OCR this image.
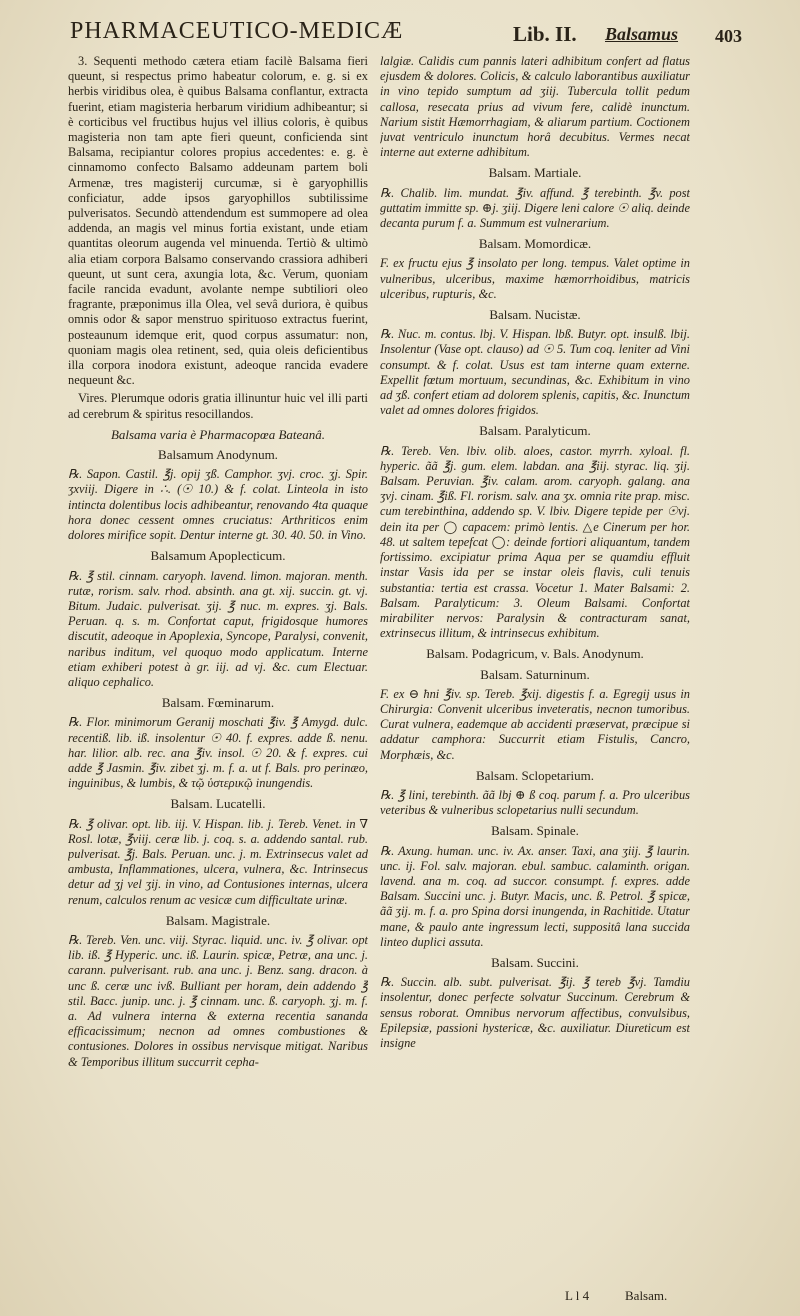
PHARMACEUTICO-MEDICÆ	Lib. II. Balsamus 403

3. Sequenti methodo cætera etiam facilè Balsama fieri queunt, si respectus primo habeatur colorum, e. g. si ex herbis viridibus olea, è quibus Balsama conflantur, extracta fuerint, etiam magisteria herbarum viridium adhibeantur; si è corticibus vel fructibus hujus vel illius coloris, è quibus magisteria non tam apte fieri queunt, conficienda sint Balsama, recipiantur colores propius accedentes: e. g. è cinnamomo confecto Balsamo addeunam partem boli Armenæ, tres magisterij curcumæ, si è garyophillis conficiatur, adde ipsos garyophillos subtilissime pulverisatos. Secundò attendendum est summopere ad olea addenda, an magis vel minus fortia existant, unde etiam quantitas oleorum augenda vel minuenda. Tertiò & ultimò alia etiam corpora Balsamo conservando crassiora adhiberi queunt, ut sunt cera, axungia lota, &c. Verum, quoniam facile rancida evadunt, avolante nempe subtiliori oleo fragrante, præponimus illa Olea, vel sevâ duriora, è quibus omnis odor & sapor menstruo spirituoso extractus fuerint, posteaunum idemque erit, quod corpus assumatur: non, quoniam magis olea retinent, sed, quia oleis deficientibus illa corpora inodora existunt, adeoque rancida evadere nequeunt &c.

Vires. Plerumque odoris gratia illinuntur huic vel illi parti ad cerebrum & spiritus resocillandos.

Balsama varia è Pharmacopœa Bateanâ.
Balsamum Anodynum.

℞. Sapon. Castil. ℥j. opij ʒß. Camphor. ʒvj. croc. ʒj. Spir. ʒxviij. Digere in ∴. (☉ 10.) & f. colat. Linteola in isto intincta dolentibus locis adhibeantur, renovando 4ta quaque hora donec cessent omnes cruciatus: Arthriticos enim dolores mirifice sopit. Dentur interne gt. 30. 40. 50. in Vino.

Balsamum Apoplecticum.

℞. ℥ stil. cinnam. caryoph. lavend. limon. majoran. menth. rutæ, rorism. salv. rhod. absinth. ana gt. xij. succin. gt. vj. Bitum. Judaic. pulverisat. ʒij. ℥ nuc. m. expres. ʒj. Bals. Peruan. q. s. m. Confortat caput, frigidosque humores discutit, adeoque in Apoplexia, Syncope, Paralysi, convenit, naribus inditum, vel quoquo modo applicatum. Interne etiam exhiberi potest à gr. iij. ad vj. &c. cum Electuar. aliquo cephalico.

Balsam. Fœminarum.

℞. Flor. minimorum Geranij moschati ℥iv. ℥ Amygd. dulc. recentiß. lib. iß. insolentur ☉ 40. f. expres. adde ß. nenu. har. lilior. alb. rec. ana ℥iv. insol. ☉ 20. & f. expres. cui adde ℥ Jasmin. ℥iv. zibet ʒj. m. f. a. ut f. Bals. pro perinæo, inguinibus, & lumbis, & τῷ ὑστερικῷ inungendis.

Balsam. Lucatelli.

℞. ℥ olivar. opt. lib. iij. V. Hispan. lib. j. Tereb. Venet. in ∇ Rosl. lotæ, ℥viij. ceræ lib. j. coq. s. a. addendo santal. rub. pulverisat. ℥j. Bals. Peruan. unc. j. m. Extrinsecus valet ad ambusta, Inflammationes, ulcera, vulnera, &c. Intrinsecus detur ad ʒj vel ʒij. in vino, ad Contusiones internas, ulcera renum, calculos renum ac vesicæ cum difficultate urinæ.

Balsam. Magistrale.

℞. Tereb. Ven. unc. viij. Styrac. liquid. unc. iv. ℥ olivar. opt lib. iß. ℥ Hyperic. unc. iß. Laurin. spicæ, Petræ, ana unc. j. carann. pulverisant. rub. ana unc. j. Benz. sang. dracon. à unc ß. ceræ unc ivß. Bulliant per horam, dein addendo ℥ stil. Bacc. junip. unc. j. ℥ cinnam. unc. ß. caryoph. ʒj. m. f. a. Ad vulnera interna & externa recentia sananda efficacissimum; necnon ad omnes combustiones & contusiones. Dolores in ossibus nervisque mitigat. Naribus & Temporibus illitum succurrit cepha-

lalgiæ. Calidis cum pannis lateri adhibitum confert ad flatus ejusdem & dolores. Colicis, & calculo laborantibus auxiliatur in vino tepido sumptum ad ʒiij. Tubercula tollit pedum callosa, resecata prius ad vivum fere, calidè inunctum. Narium sistit Hæmorrhagiam, & aliarum partium. Coctionem juvat ventriculo inunctum horâ decubitus. Vermes necat interne aut externe adhibitum.

Balsam. Martiale.

℞. Chalib. lim. mundat. ℥iv. affund. ℥ terebinth. ℥v. post guttatim immitte sp. ⊕j. ʒiij. Digere leni calore ☉ aliq. deinde decanta purum f. a. Summum est vulnerarium.

Balsam. Momordicæ.

F. ex fructu ejus ℥ insolato per long. tempus. Valet optime in vulneribus, ulceribus, maxime hæmorrhoidibus, matricis ulceribus, rupturis, &c.

Balsam. Nucistæ.

℞. Nuc. m. contus. lbj. V. Hispan. lbß. Butyr. opt. insulß. lbij. Insolentur (Vase opt. clauso) ad ☉ 5. Tum coq. leniter ad Vini consumpt. & f. colat. Usus est tam interne quam externe. Expellit fœtum mortuum, secundinas, &c. Exhibitum in vino ad ʒß. confert etiam ad dolorem splenis, capitis, &c. Inunctum valet ad omnes dolores frigidos.

Balsam. Paralyticum.

℞. Tereb. Ven. lbiv. olib. aloes, castor. myrrh. xyloal. fl. hyperic. ãã ℥j. gum. elem. labdan. ana ℥iij. styrac. liq. ʒij. Balsam. Peruvian. ℥iv. calam. arom. caryoph. galang. ana ʒvj. cinam. ℥iß. Fl. rorism. salv. ana ʒx. omnia rite prap. misc. cum terebinthina, addendo sp. V. lbiv. Digere tepide per ☉vj. dein ita per ◯ capacem: primò lentis. △e Cinerum per hor. 48. ut saltem tepefcat ◯: deinde fortiori aliquantum, tandem fortissimo. excipiatur prima Aqua per se quamdiu effluit instar Vasis ida per se instar oleis flavis, culi tenuis substantia: tertia est crassa. Vocetur 1. Mater Balsami: 2. Balsam. Paralyticum: 3. Oleum Balsami. Confortat mirabiliter nervos: Paralysin & contracturam sanat, extrinsecus illitum, & intrinsecus exhibitum.

Balsam. Podagricum, v. Bals. Anodynum.
Balsam. Saturninum.

F. ex ⊖ ħni ℥iv. sp. Tereb. ℥xij. digestis f. a. Egregij usus in Chirurgia: Convenit ulceribus inveteratis, necnon tumoribus. Curat vulnera, eademque ab accidenti præservat, præcipue si addatur camphora: Succurrit etiam Fistulis, Cancro, Morphæis, &c.

Balsam. Sclopetarium.

℞. ℥ lini, terebinth. ãã lbj ⊕ ß coq. parum f. a. Pro ulceribus veteribus & vulneribus sclopetarius nulli secundum.

Balsam. Spinale.

℞. Axung. human. unc. iv. Ax. anser. Taxi, ana ʒiij. ℥ laurin. unc. ij. Fol. salv. majoran. ebul. sambuc. calaminth. origan. lavend. ana m. coq. ad succor. consumpt. f. expres. adde Balsam. Succini unc. j. Butyr. Macis, unc. ß. Petrol. ℥ spicæ, ãã ʒij. m. f. a. pro Spina dorsi inungenda, in Rachitide. Utatur mane, & paulo ante ingressum lecti, suppositâ lana succida linteo duplici assuta.

Balsam. Succini.

℞. Succin. alb. subt. pulverisat. ℥ij. ℥ tereb ℥vj. Tamdiu insolentur, donec perfecte solvatur Succinum. Cerebrum & sensus roborat. Omnibus nervorum affectibus, convulsibus, Epilepsiæ, passioni hystericæ, &c. auxiliatur. Diureticum est insigne

L l 4	Balsam.
